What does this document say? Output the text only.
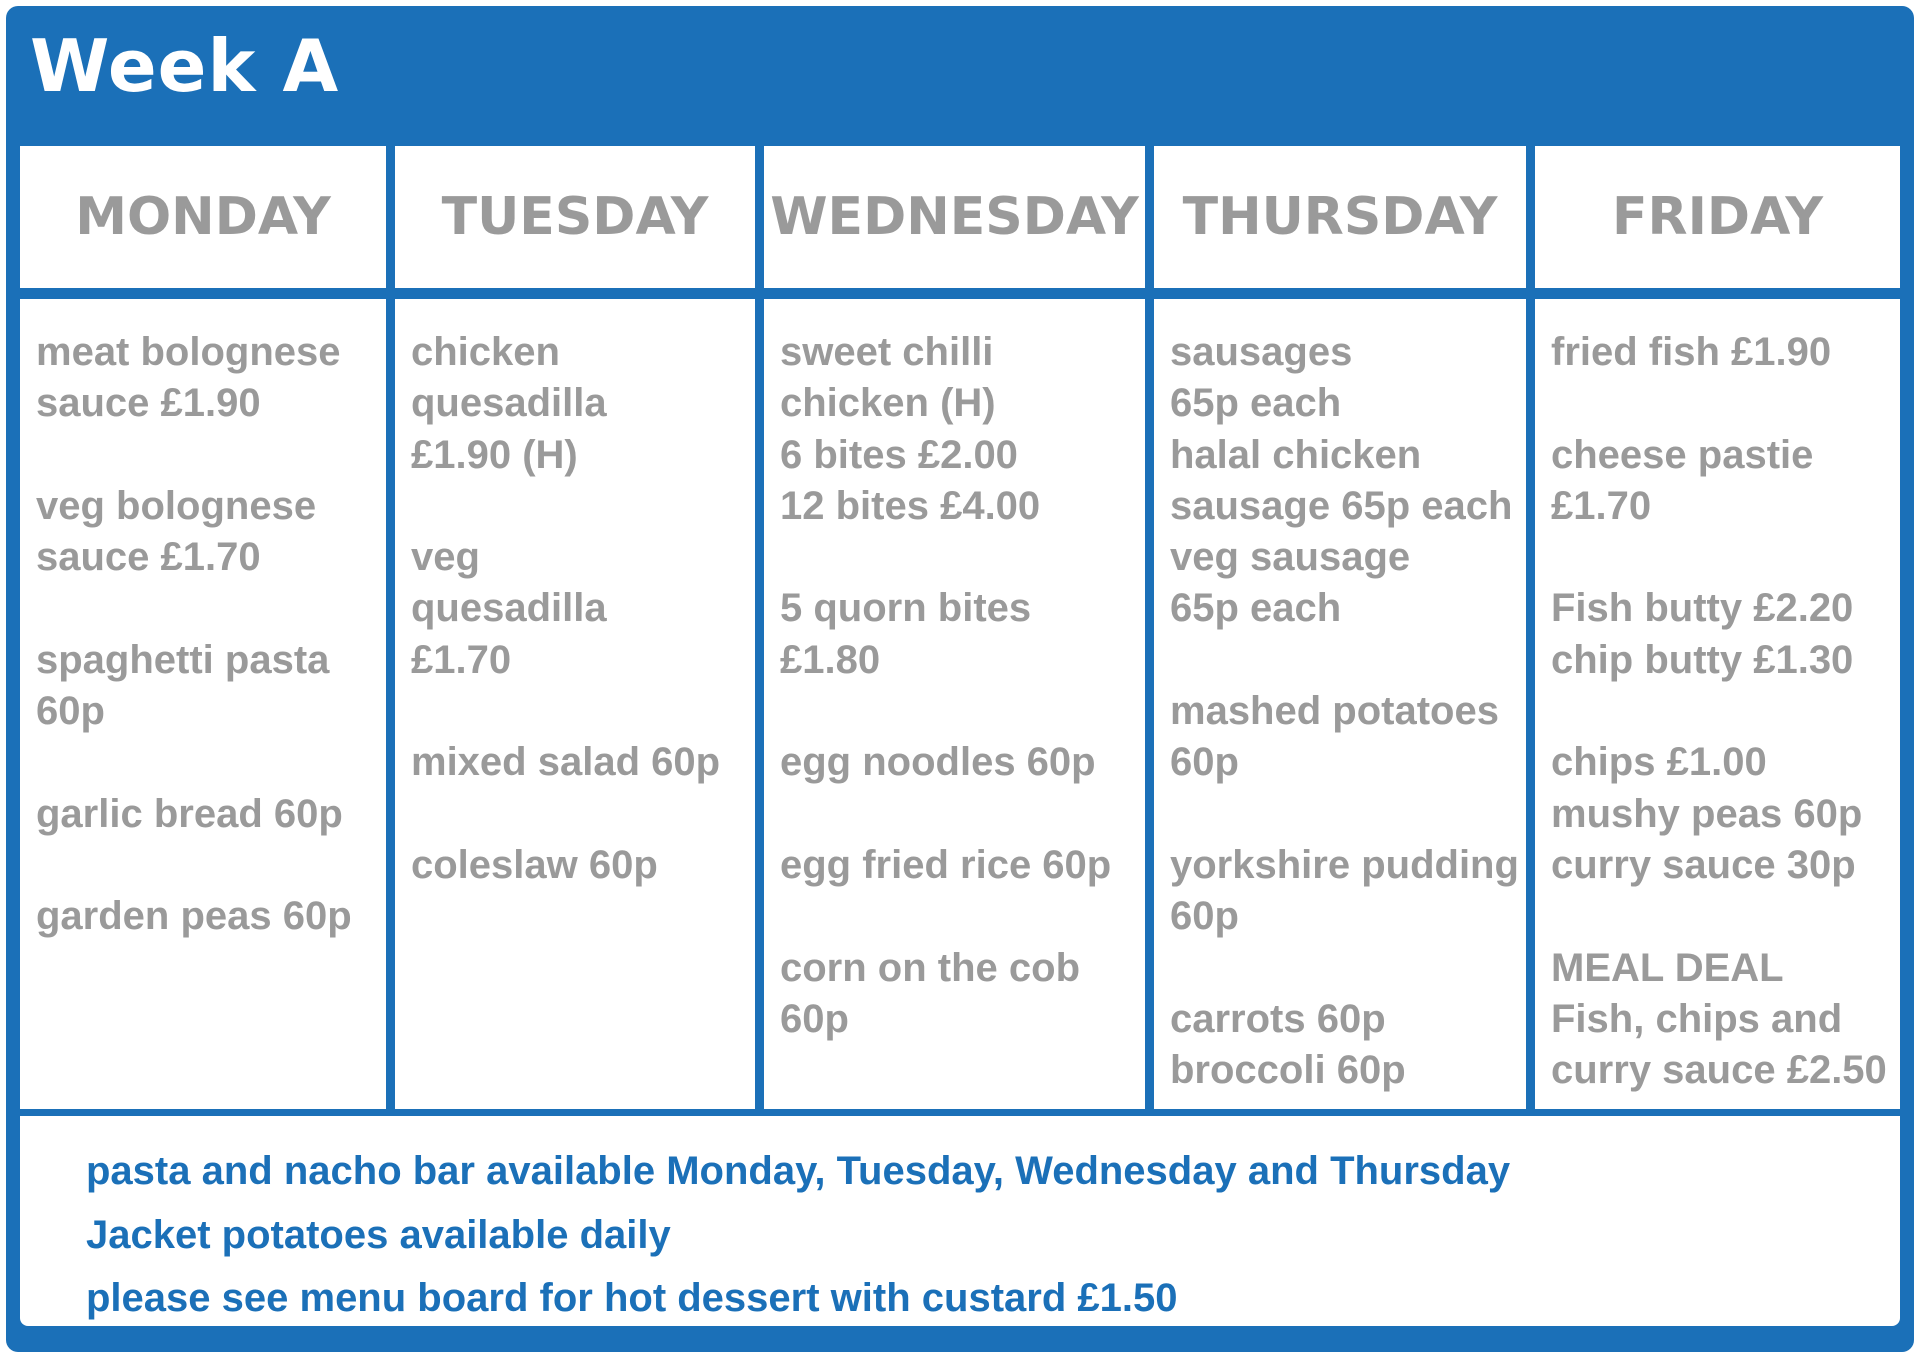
Week A
MONDAY TUESDAY WEDNESDAY THURSDAY FRIDAY
meat bolognese
sauce £1.90
veg bolognese
sauce £1.70
spaghetti pasta
60p
garlic bread 60p
garden peas 60p
chicken
quesadilla
£1.90 (H)
veg
quesadilla
£1.70
mixed salad 60p
coleslaw 60p
sweet chilli
chicken (H)
6 bites £2.00
12 bites £4.00
5 quorn bites
£1.80
egg noodles 60p
egg fried rice 60p
corn on the cob
60p
sausages
65p each
halal chicken
sausage 65p each
veg sausage
65p each
mashed potatoes
60p
yorkshire pudding
60p
carrots 60p
broccoli 60p
fried fish £1.90
cheese pastie
£1.70
Fish butty £2.20
chip butty £1.30
chips £1.00
mushy peas 60p
curry sauce 30p
MEAL DEAL
Fish, chips and
curry sauce £2.50
pasta and nacho bar available Monday, Tuesday, Wednesday and Thursday
Jacket potatoes available daily
please see menu board for hot dessert with custard £1.50
